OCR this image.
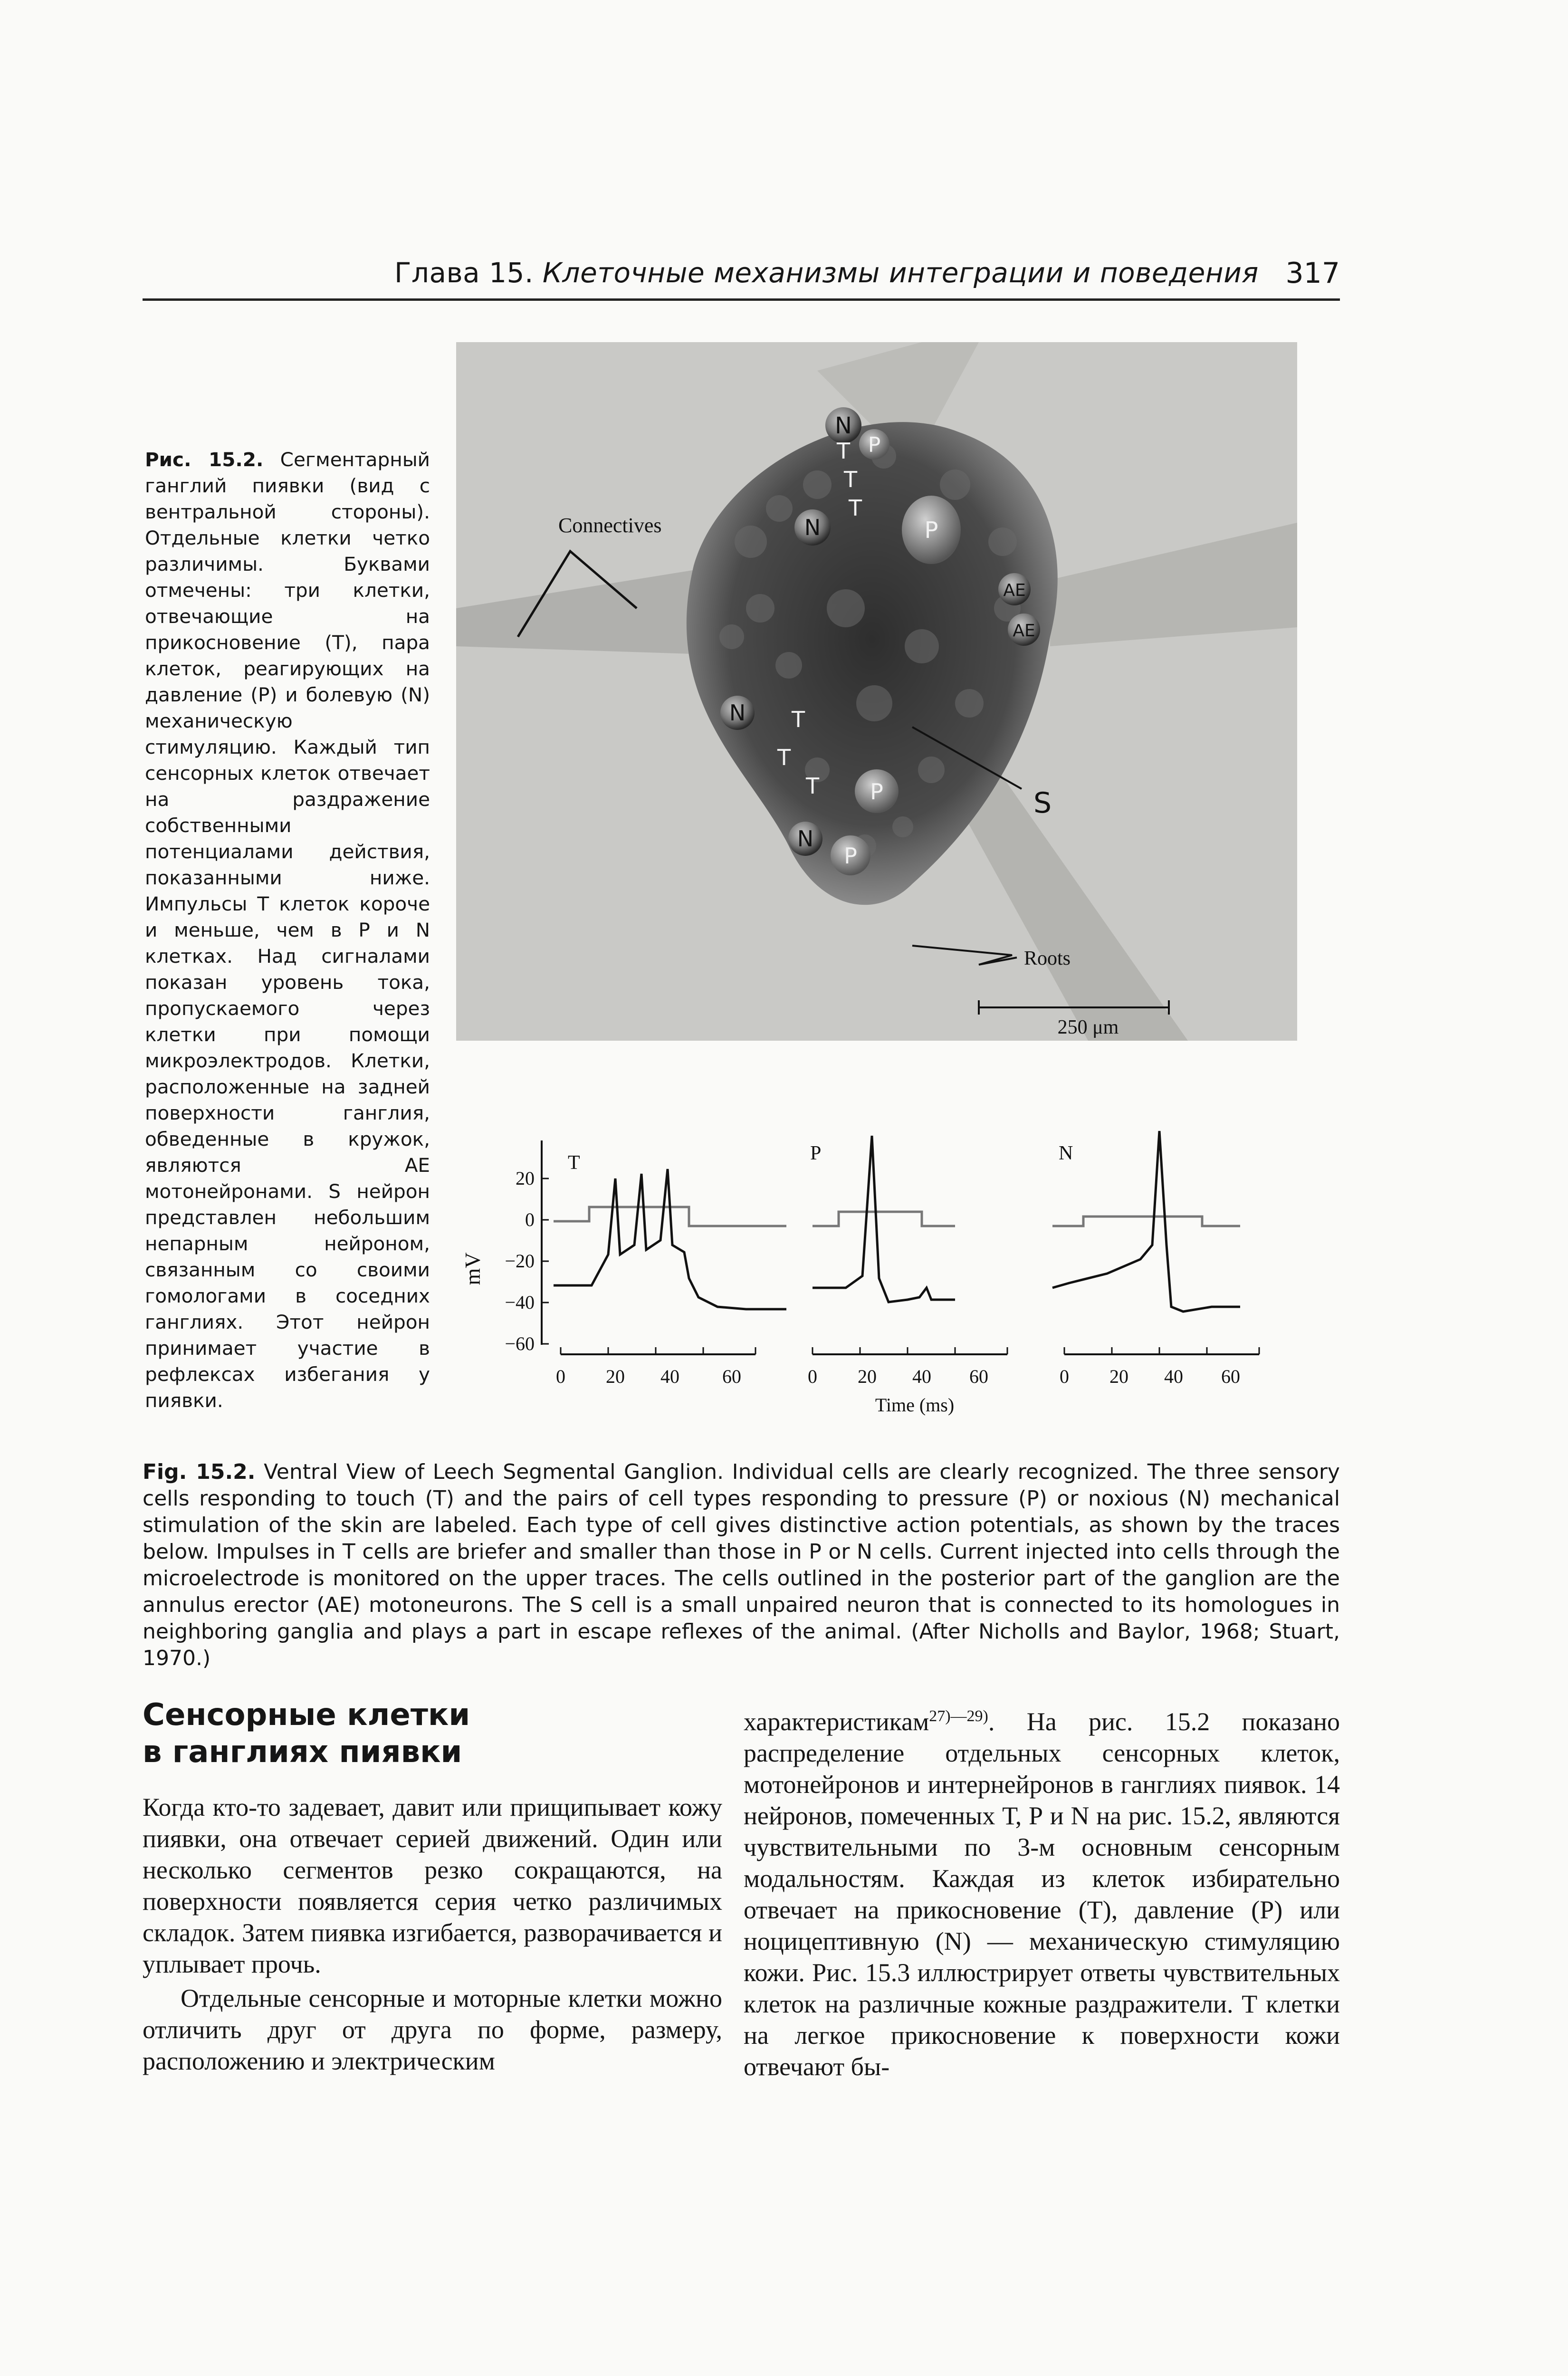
Глава 15. Клеточные механизмы интеграции и поведения 317
Рис. 15.2. Сегментарный ганглий пиявки (вид с вентральной стороны). Отдельные клетки четко различимы. Буквами отмечены: три клетки, отвечающие на прикосновение (Т), пара клеток, реагирующих на давление (Р) и болевую (N) механическую стимуляцию. Каждый тип сенсорных клеток отвечает на раздражение собственными потенциалами действия, показанными ниже. Импульсы Т клеток короче и меньше, чем в Р и N клетках. Над сигналами показан уровень тока, пропускаемого через клетки при помощи микроэлектродов. Клетки, расположенные на задней поверхности ганглия, обведенные в кружок, являются АЕ мотонейронами. S нейрон представлен небольшим непарным нейроном, связанным со своими гомологами в соседних ганглиях. Этот нейрон принимает участие в рефлексах избегания у пиявки.
N
T
T
T
N
P
P
AE
AE
N T
T
T
N
P
P
Connectives
S
Roots
250 μm
20
0
−20
−40
−60
mV
T	P	N
0 20 40 60	0 20 40 60	0 20 40 60
Time (ms)
Fig. 15.2. Ventral View of Leech Segmental Ganglion. Individual cells are clearly recognized. The three sensory cells responding to touch (T) and the pairs of cell types responding to pressure (P) or noxious (N) mechanical stimulation of the skin are labeled. Each type of cell gives distinctive action potentials, as shown by the traces below. Impulses in T cells are briefer and smaller than those in P or N cells. Current injected into cells through the microelectrode is monitored on the upper traces. The cells outlined in the posterior part of the ganglion are the annulus erector (AE) motoneurons. The S cell is a small unpaired neuron that is connected to its homologues in neighboring ganglia and plays a part in escape reflexes of the animal. (After Nicholls and Baylor, 1968; Stuart, 1970.)
Сенсорные клетки
в ганглиях пиявки

Когда кто-то задевает, давит или прищипывает кожу пиявки, она отвечает серией движений. Один или несколько сегментов резко сокращаются, на поверхности появляется серия четко различимых складок. Затем пиявка изгибается, разворачивается и уплывает прочь.

Отдельные сенсорные и моторные клетки можно отличить друг от друга по форме, размеру, расположению и электрическим

характеристикам$^{27)—29)}$. На рис. 15.2 показано распределение отдельных сенсорных клеток, мотонейронов и интернейронов в ганглиях пиявок. 14 нейронов, помеченных Т, Р и N на рис. 15.2, являются чувствительными по 3-м основным сенсорным модальностям. Каждая из клеток избирательно отвечает на прикосновение (Т), давление (Р) или ноцицептивную (N) — механическую стимуляцию кожи. Рис. 15.3 иллюстрирует ответы чувствительных клеток на различные кожные раздражители. Т клетки на легкое прикосновение к поверхности кожи отвечают бы-
